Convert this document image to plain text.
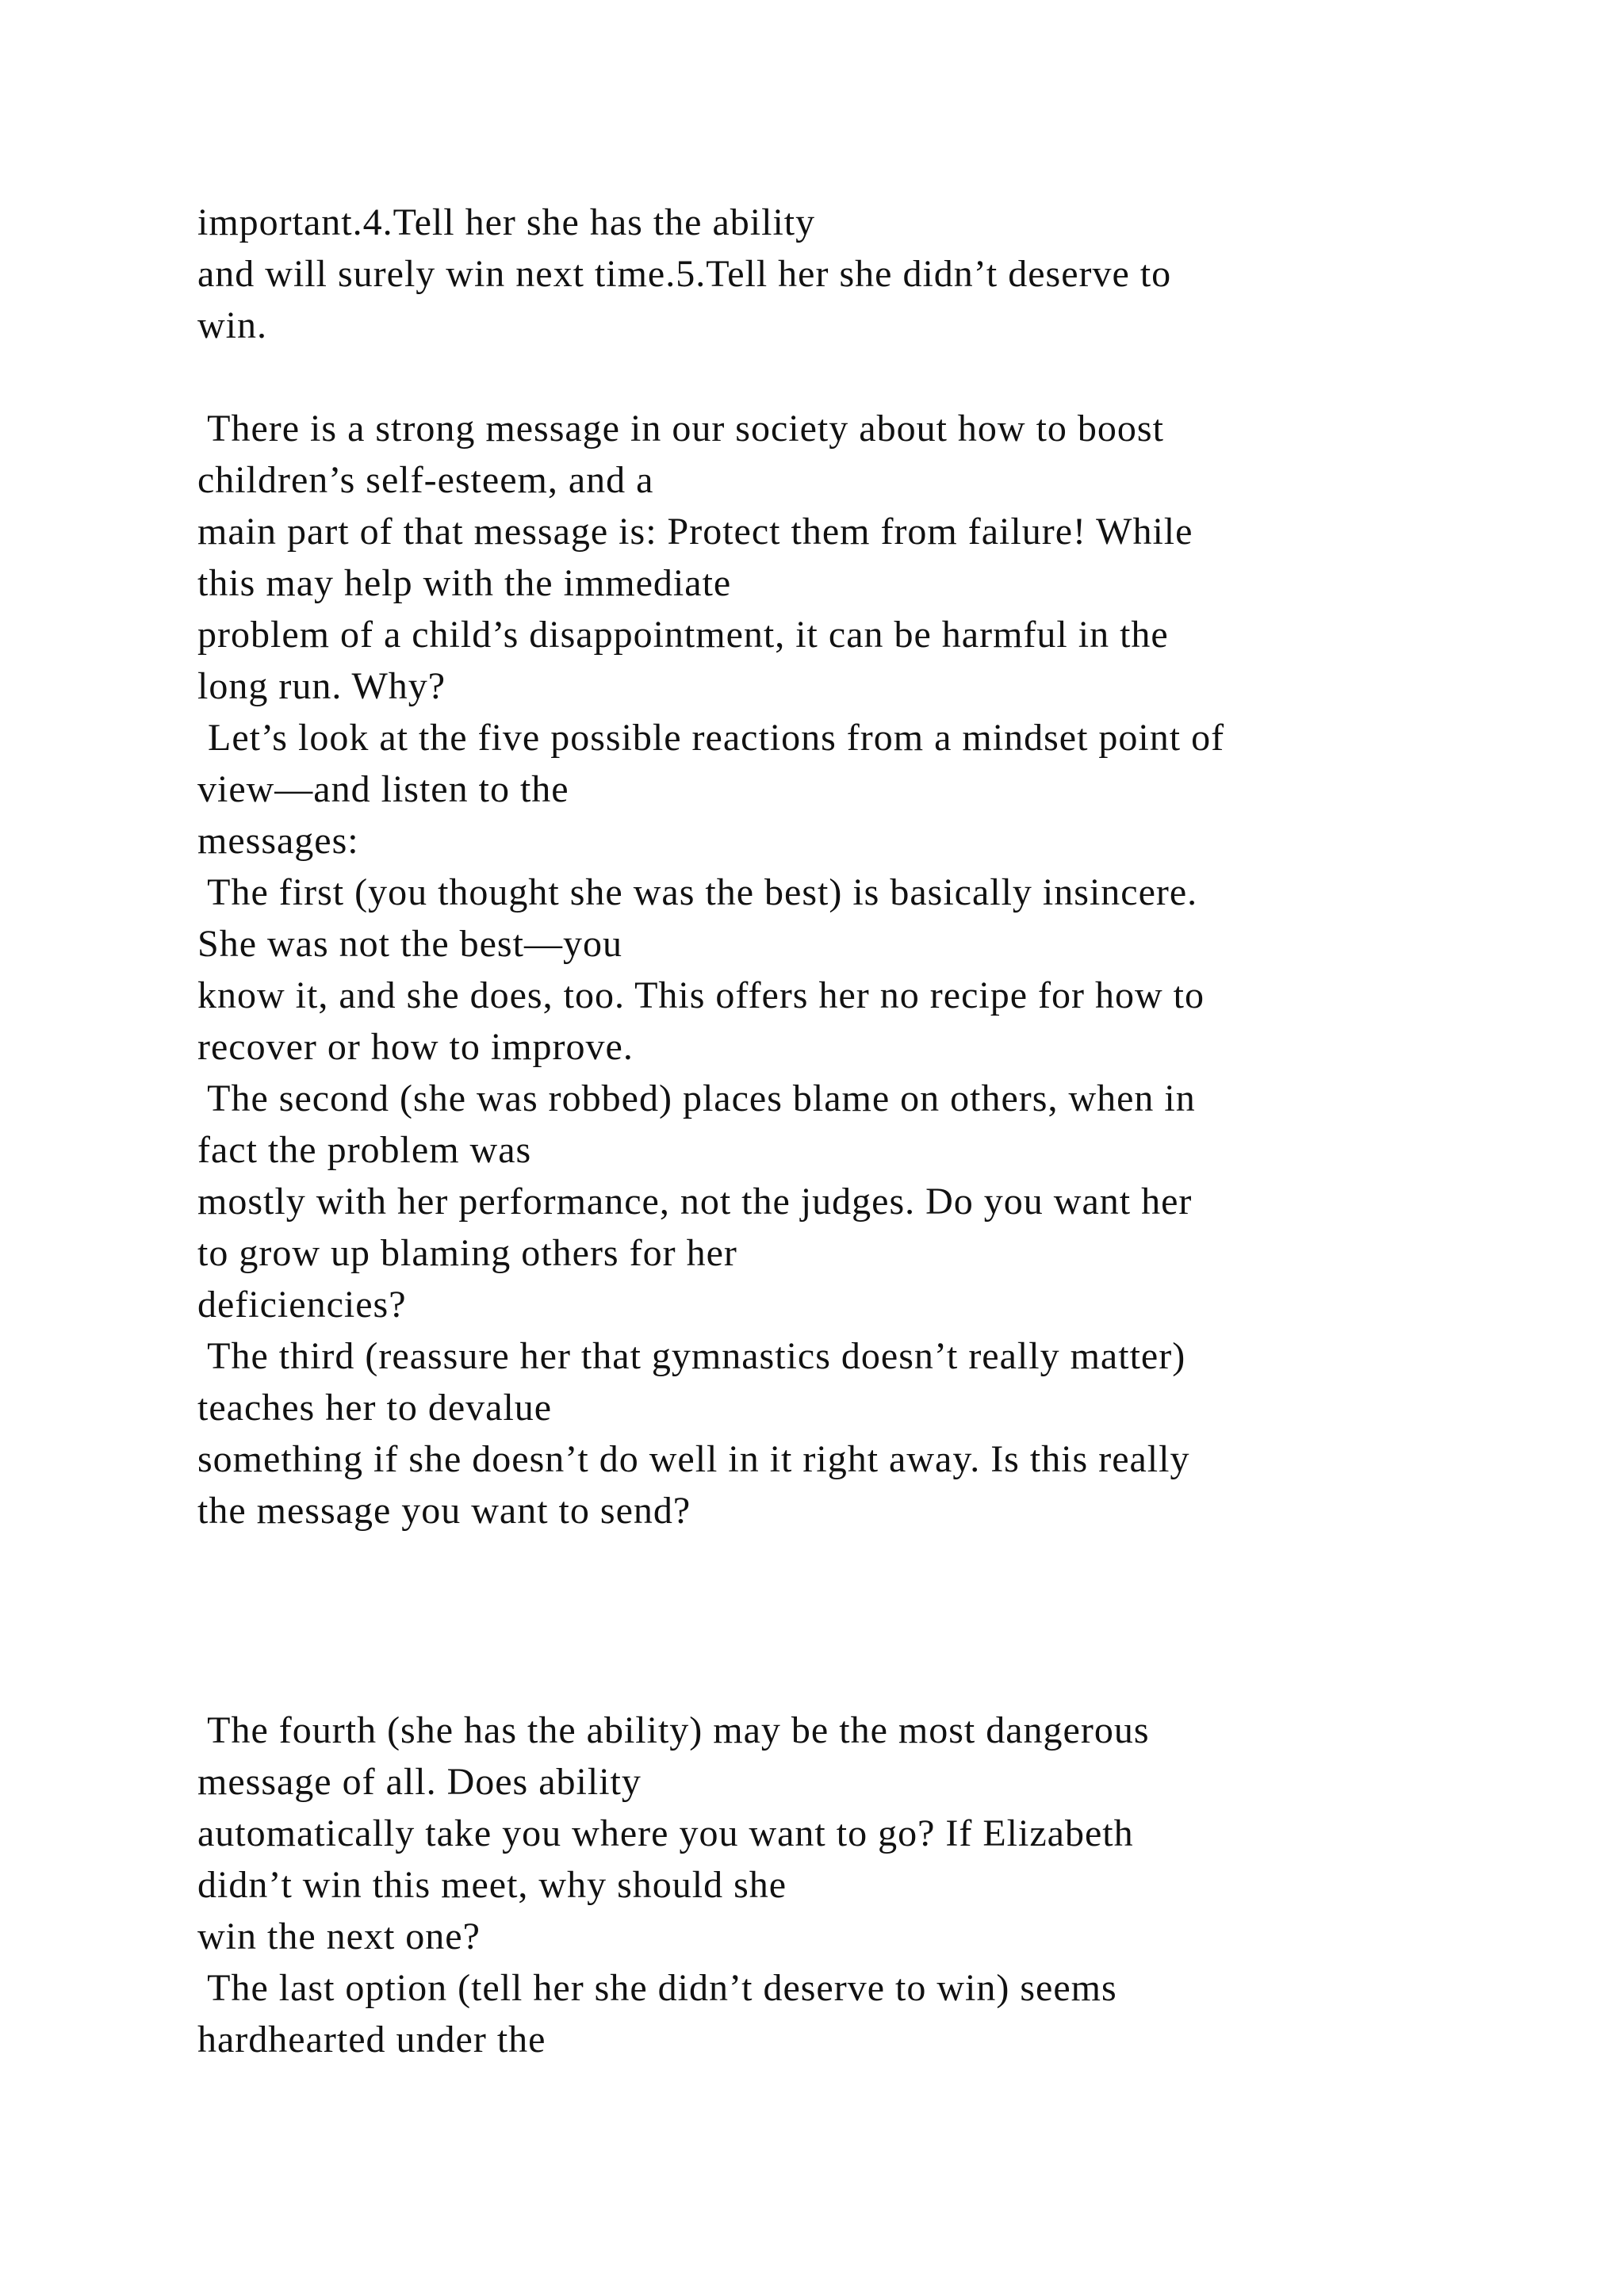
important.4.Tell her she has the ability
and will surely win next time.5.Tell her she didn’t deserve to
win.
There is a strong message in our society about how to boost
children’s self-esteem, and a
main part of that message is: Protect them from failure! While
this may help with the immediate
problem of a child’s disappointment, it can be harmful in the
long run. Why?
Let’s look at the five possible reactions from a mindset point of
view—and listen to the
messages:
The first (you thought she was the best) is basically insincere.
She was not the best—you
know it, and she does, too. This offers her no recipe for how to
recover or how to improve.
The second (she was robbed) places blame on others, when in
fact the problem was
mostly with her performance, not the judges. Do you want her
to grow up blaming others for her
deficiencies?
The third (reassure her that gymnastics doesn’t really matter)
teaches her to devalue
something if she doesn’t do well in it right away. Is this really
the message you want to send?
The fourth (she has the ability) may be the most dangerous
message of all. Does ability
automatically take you where you want to go? If Elizabeth
didn’t win this meet, why should she
win the next one?
The last option (tell her she didn’t deserve to win) seems
hardhearted under the
